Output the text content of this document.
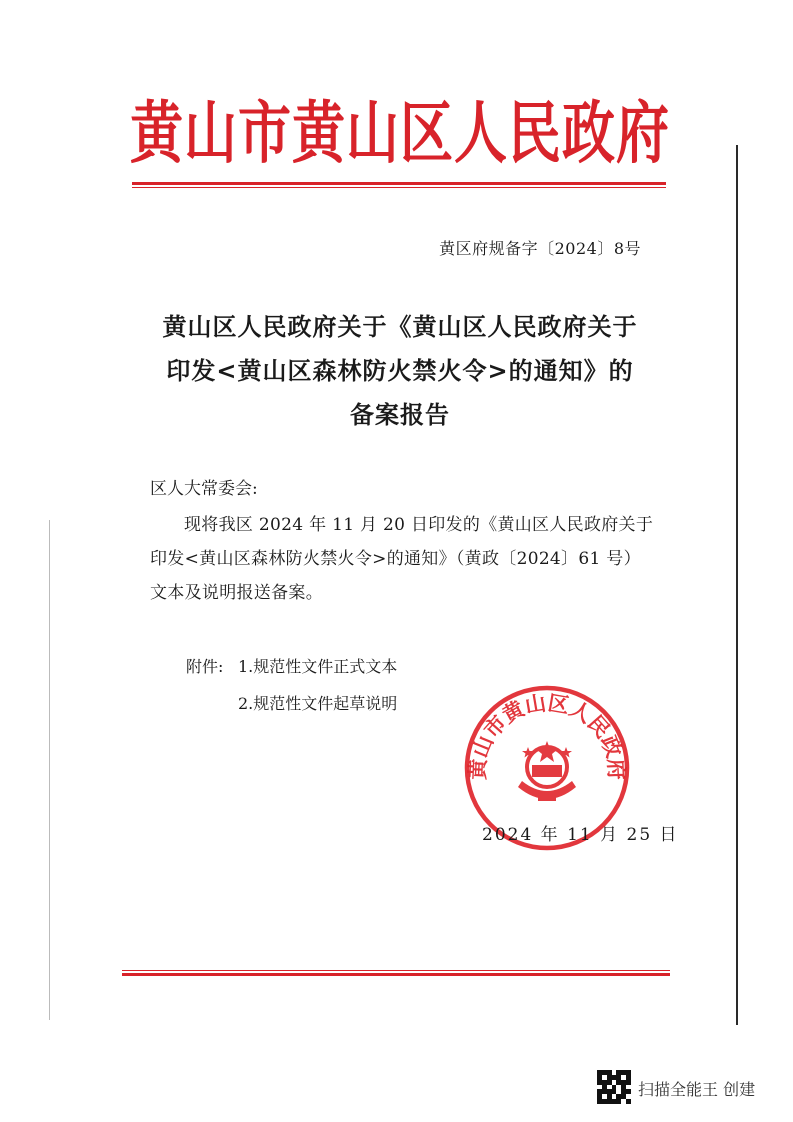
黄山市黄山区人民政府
黄区府规备字〔2024〕8号
黄山区人民政府关于《黄山区人民政府关于
印发<黄山区森林防火禁火令>的通知》的
备案报告
区人大常委会:
现将我区 2024 年 11 月 20 日印发的《黄山区人民政府关于
印发<黄山区森林防火禁火令>的通知》（黄政〔2024〕61 号）
文本及说明报送备案。
附件: 1.规范性文件正式文本
2.规范性文件起草说明
黄山市黄山区人民政府
2024 年 11 月 25 日
扫描全能王 创建
